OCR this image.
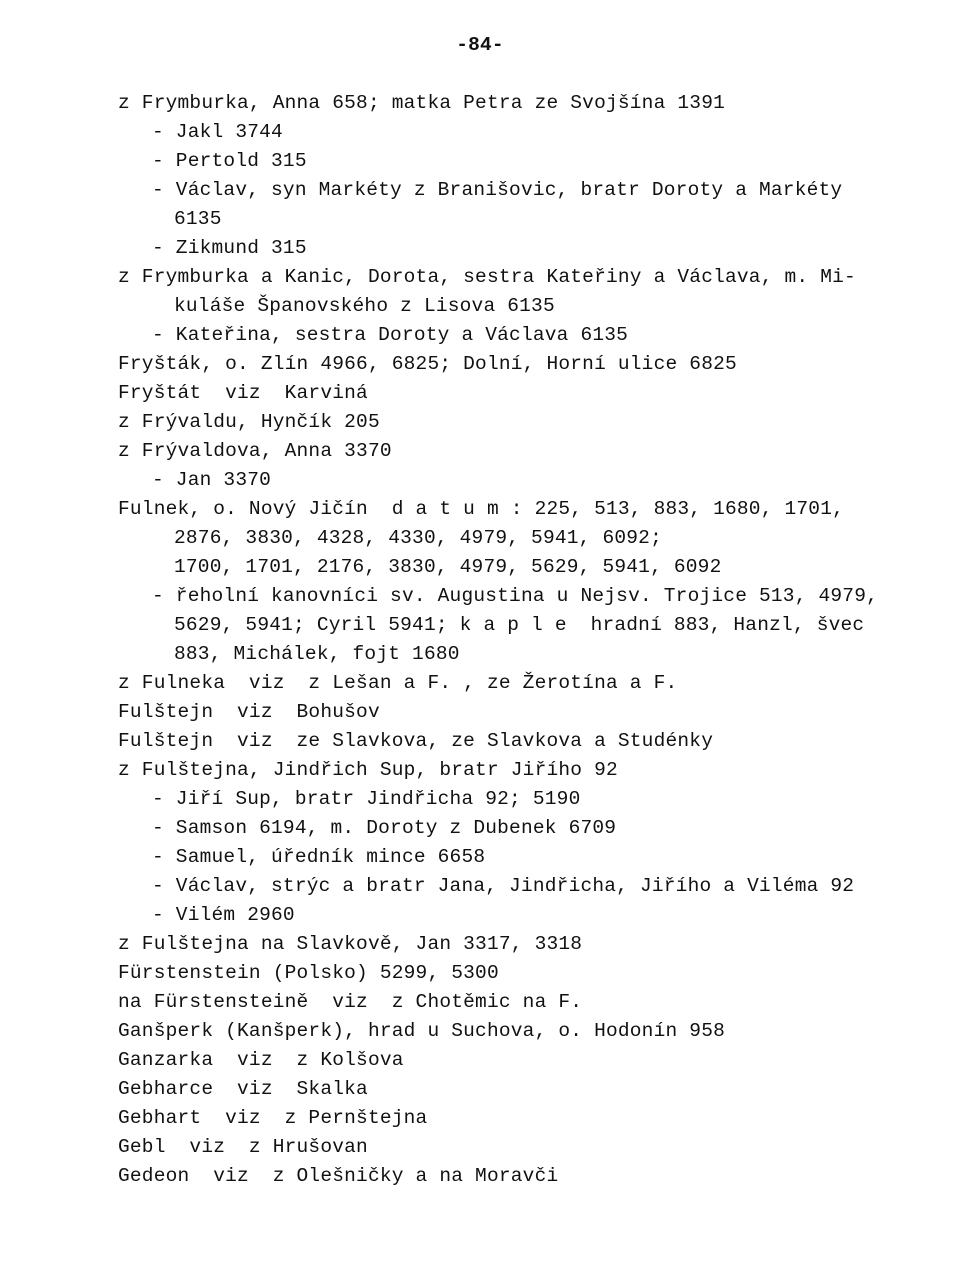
-84-
z Frymburka, Anna 658; matka Petra ze Svojšína 1391
- Jakl 3744
- Pertold 315
- Václav, syn Markéty z Branišovic, bratr Doroty a Markéty
6135
- Zikmund 315
z Frymburka a Kanic, Dorota, sestra Kateřiny a Václava, m. Mi-
kuláše Španovského z Lisova 6135
- Kateřina, sestra Doroty a Václava 6135
Fryšták, o. Zlín 4966, 6825; Dolní, Horní ulice 6825
Fryštát  viz  Karviná
z Frývaldu, Hynčík 205
z Frývaldova, Anna 3370
- Jan 3370
Fulnek, o. Nový Jičín  d a t u m : 225, 513, 883, 1680, 1701,
2876, 3830, 4328, 4330, 4979, 5941, 6092;
1700, 1701, 2176, 3830, 4979, 5629, 5941, 6092
- řeholní kanovníci sv. Augustina u Nejsv. Trojice 513, 4979,
5629, 5941; Cyril 5941; k a p l e  hradní 883, Hanzl, švec
883, Michálek, fojt 1680
z Fulneka  viz  z Lešan a F. , ze Žerotína a F.
Fulštejn  viz  Bohušov
Fulštejn  viz  ze Slavkova, ze Slavkova a Studénky
z Fulštejna, Jindřich Sup, bratr Jiřího 92
- Jiří Sup, bratr Jindřicha 92; 5190
- Samson 6194, m. Doroty z Dubenek 6709
- Samuel, úředník mince 6658
- Václav, strýc a bratr Jana, Jindřicha, Jiřího a Viléma 92
- Vilém 2960
z Fulštejna na Slavkově, Jan 3317, 3318
Fürstenstein (Polsko) 5299, 5300
na Fürstensteině  viz  z Chotěmic na F.
Ganšperk (Kanšperk), hrad u Suchova, o. Hodonín 958
Ganzarka  viz  z Kolšova
Gebharce  viz  Skalka
Gebhart  viz  z Pernštejna
Gebl  viz  z Hrušovan
Gedeon  viz  z Olešničky a na Moravči
